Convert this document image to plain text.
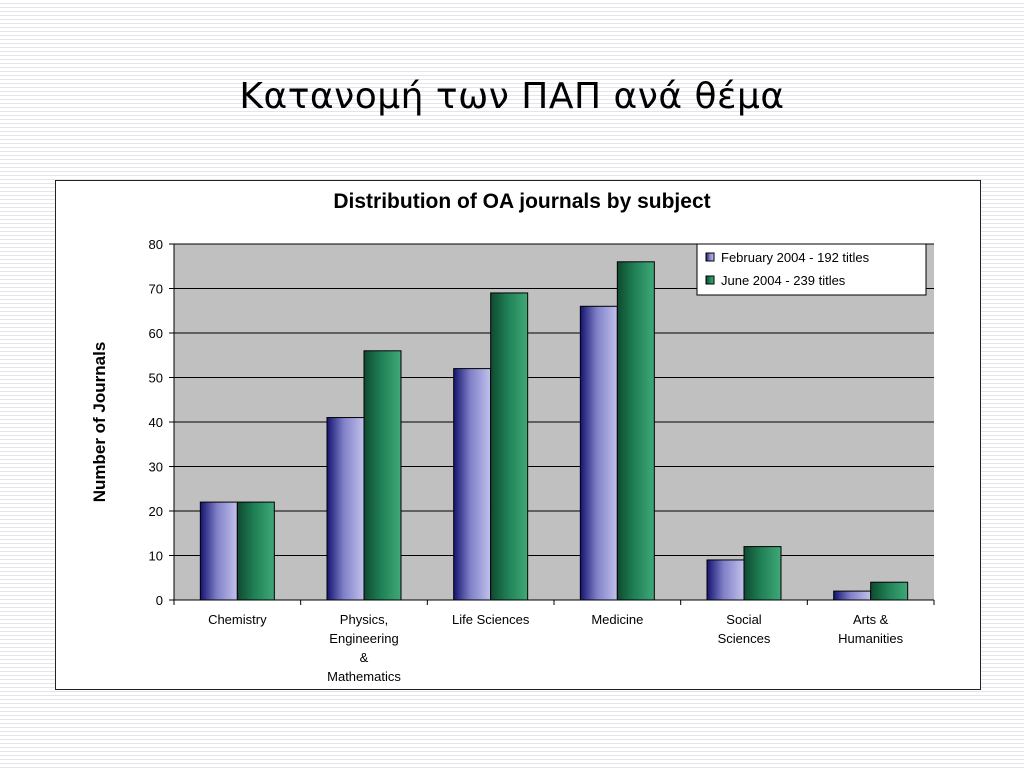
Κατανομή των ΠΑΠ ανά θέμα
Distribution of OA journals by subject
Number of Journals
0
10
20
30
40
50
60
70
80
Chemistry	Physics,
Engineering
&
Mathematics
Life Sciences	Medicine	Social
Sciences
Arts &
Humanities
February 2004 - 192 titles
June 2004 - 239 titles
